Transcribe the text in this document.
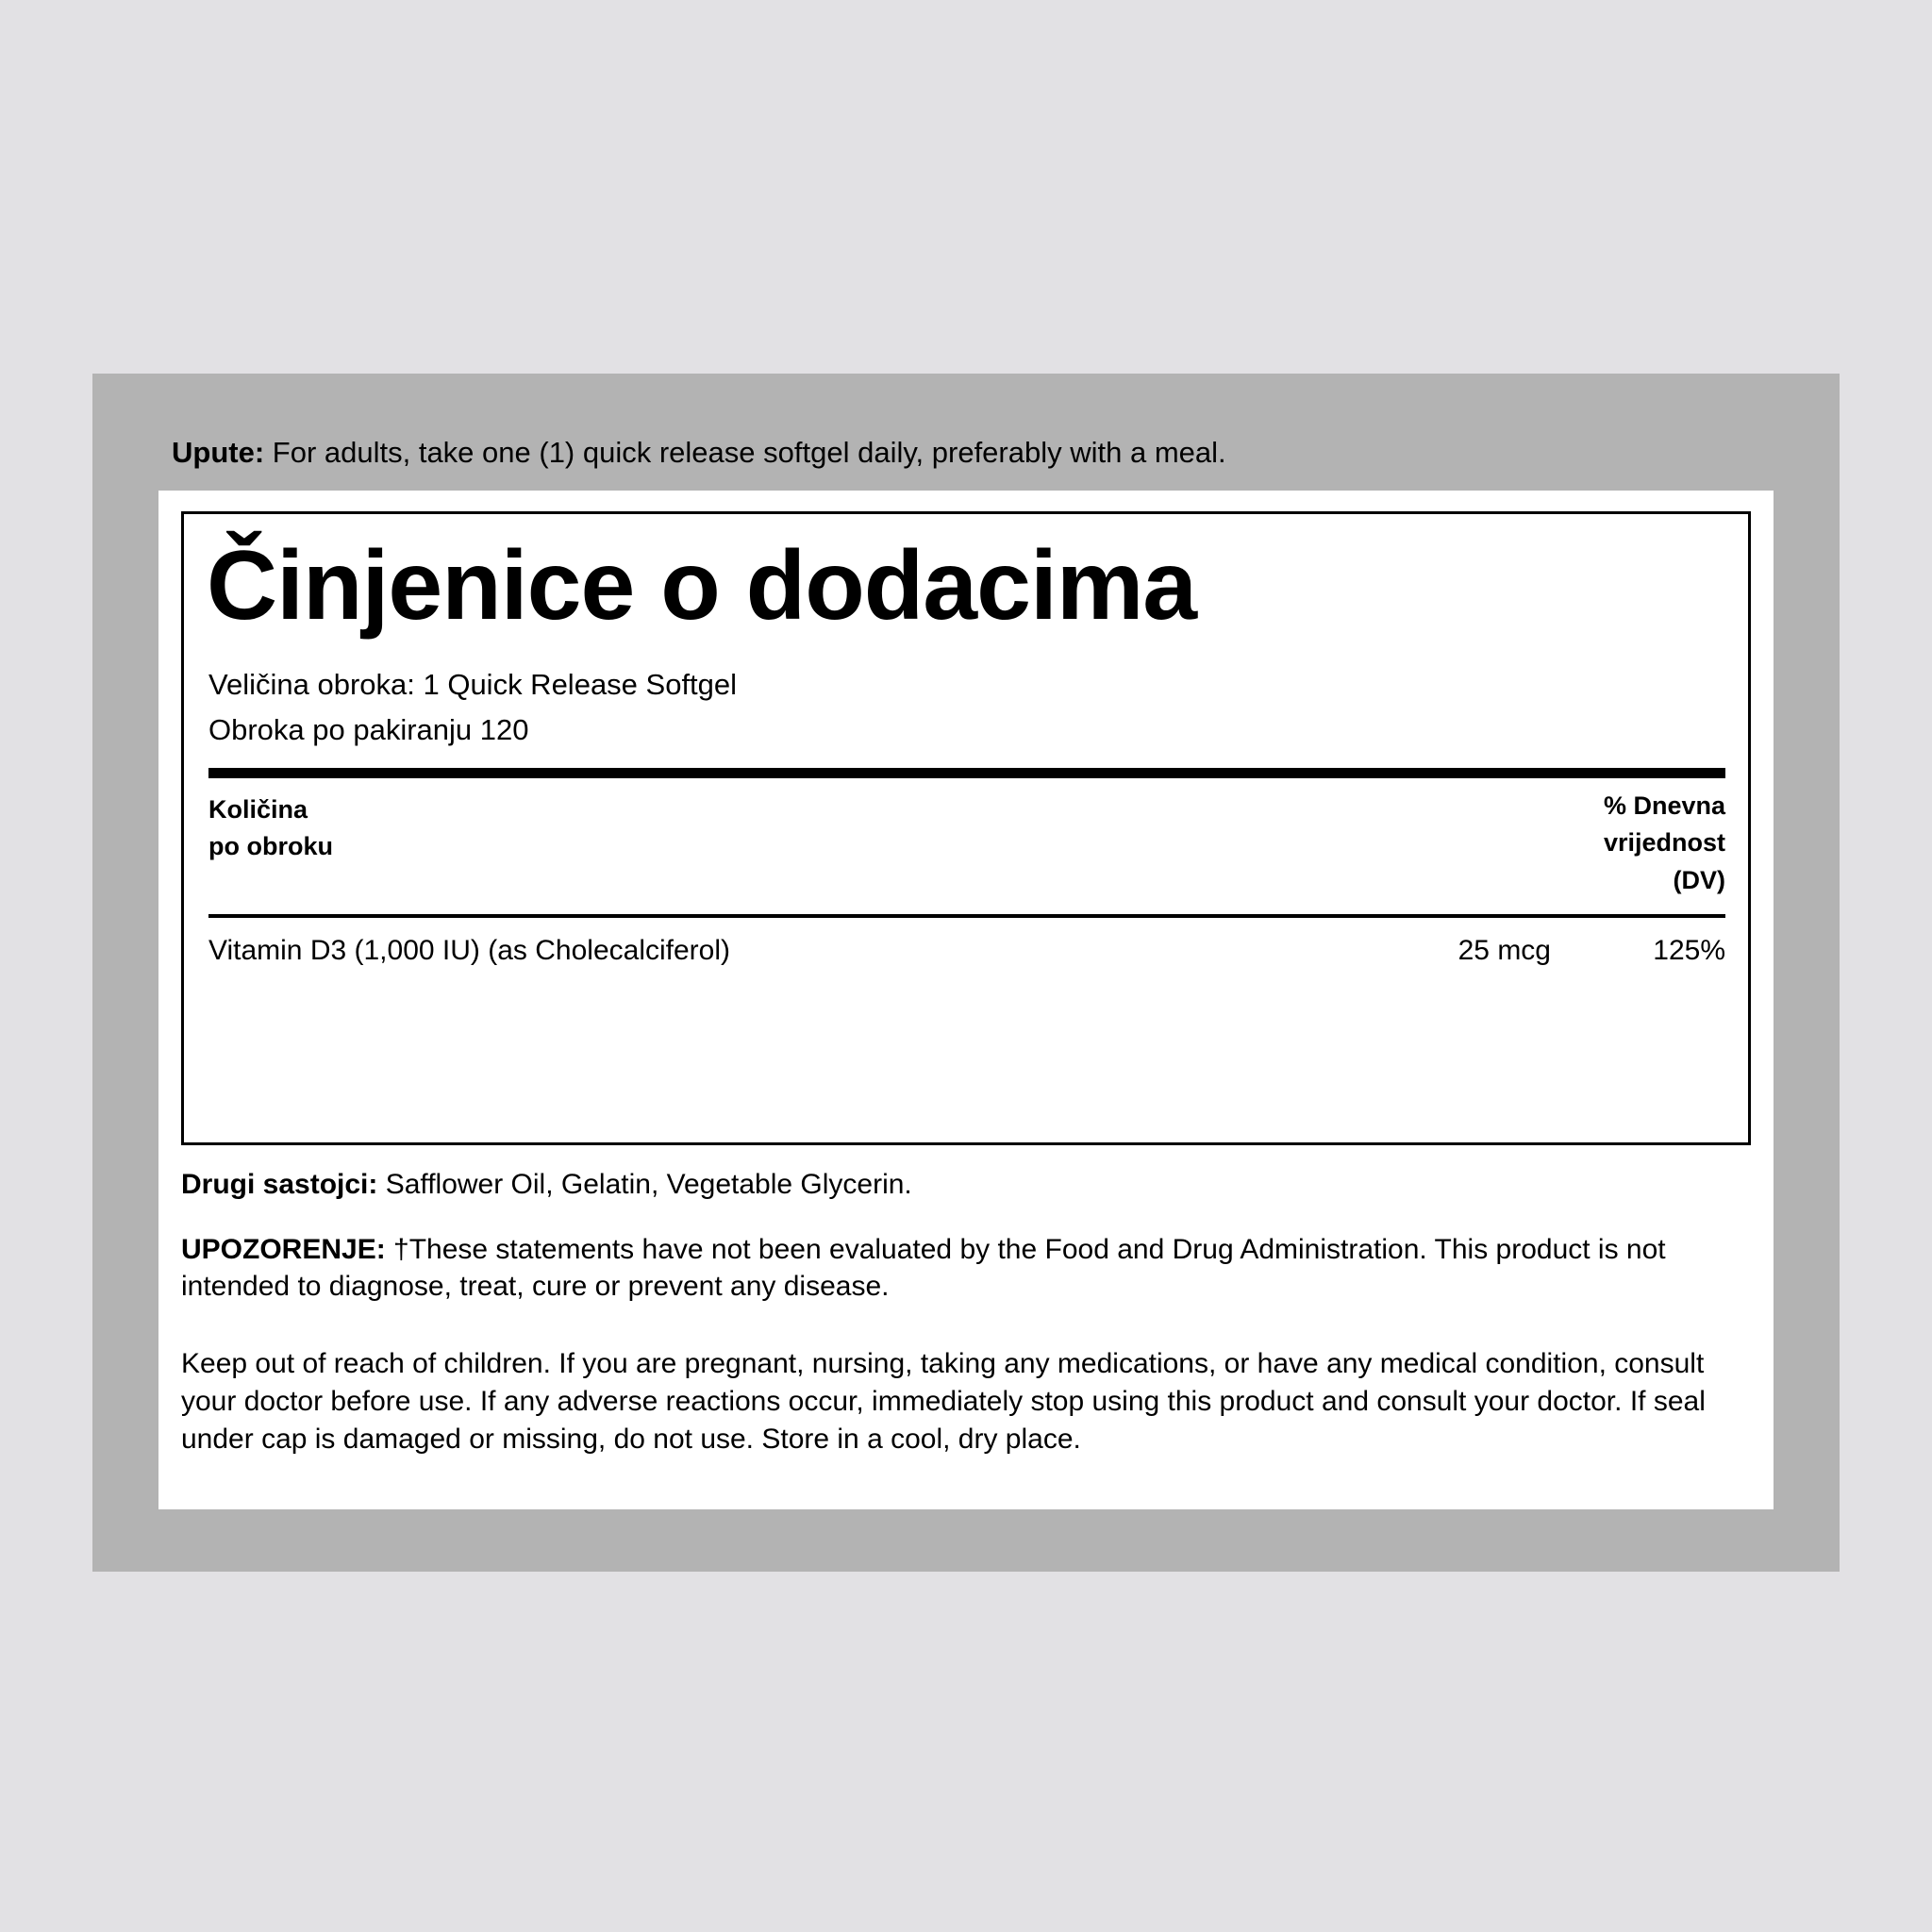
Upute: For adults, take one (1) quick release softgel daily, preferably with a meal.
Činjenice o dodacima
Veličina obroka: 1 Quick Release Softgel
Obroka po pakiranju 120
Količina
po obroku
% Dnevna
vrijednost
(DV)
Vitamin D3 (1,000 IU) (as Cholecalciferol)	25 mcg	125%
Drugi sastojci: Safflower Oil, Gelatin, Vegetable Glycerin.
UPOZORENJE: †These statements have not been evaluated by the Food and Drug Administration. This product is not intended to diagnose, treat, cure or prevent any disease.
Keep out of reach of children. If you are pregnant, nursing, taking any medications, or have any medical condition, consult your doctor before use. If any adverse reactions occur, immediately stop using this product and consult your doctor. If seal under cap is damaged or missing, do not use. Store in a cool, dry place.
